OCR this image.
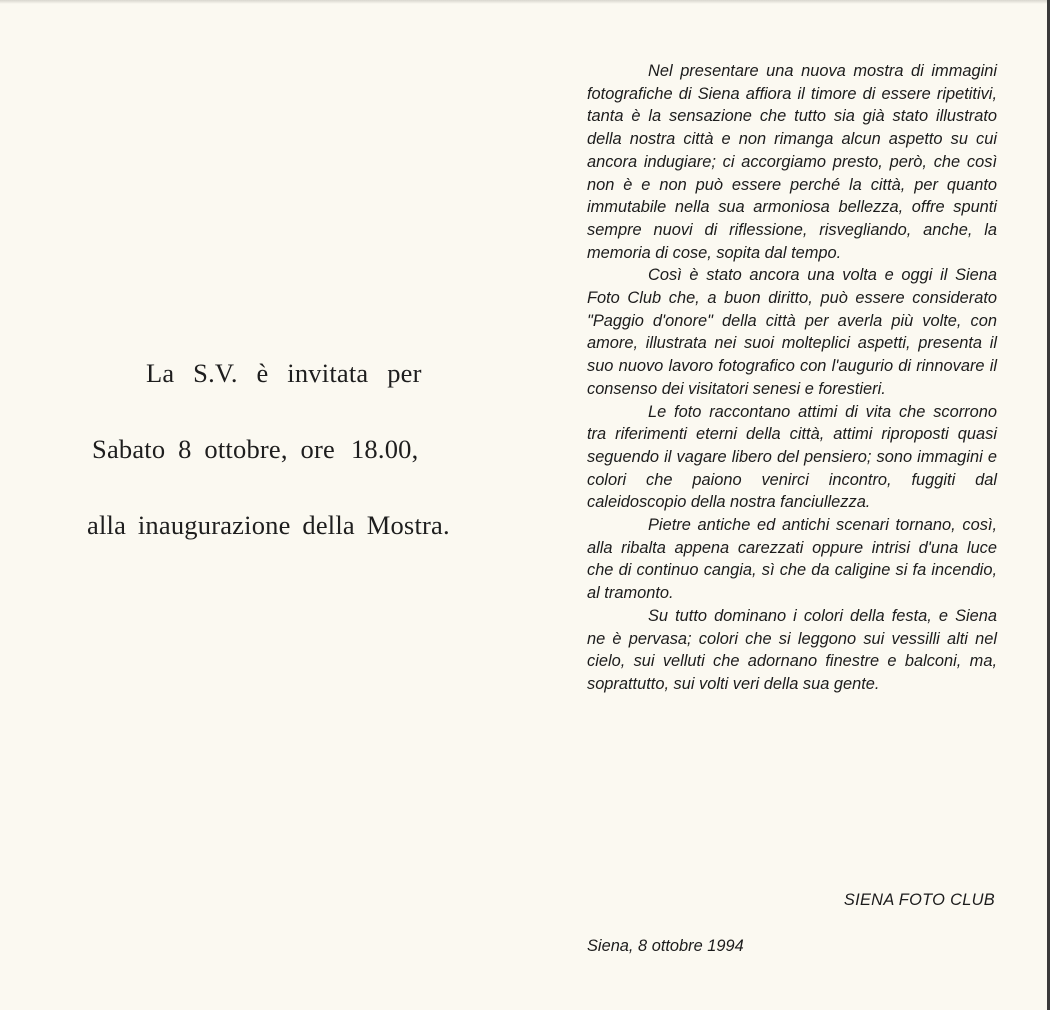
La S.V. è invitata per
Sabato 8 ottobre, ore 18.00,
alla inaugurazione della Mostra.

Nel presentare una nuova mostra di immagini fotografiche di Siena affiora il timore di essere ripetitivi, tanta è la sensazione che tutto sia già stato illustrato della nostra città e non rimanga alcun aspetto su cui ancora indugiare; ci accorgiamo presto, però, che così non è e non può essere perché la città, per quanto immutabile nella sua armoniosa bellezza, offre spunti sempre nuovi di riflessione, risvegliando, anche, la memoria di cose, sopita dal tempo.

Così è stato ancora una volta e oggi il Siena Foto Club che, a buon diritto, può essere considerato "Paggio d'onore" della città per averla più volte, con amore, illustrata nei suoi molteplici aspetti, presenta il suo nuovo lavoro fotografico con l'augurio di rinnovare il consenso dei visitatori senesi e forestieri.

Le foto raccontano attimi di vita che scorrono tra riferimenti eterni della città, attimi riproposti quasi seguendo il vagare libero del pensiero; sono immagini e colori che paiono venirci incontro, fuggiti dal caleidoscopio della nostra fanciullezza.

Pietre antiche ed antichi scenari tornano, così, alla ribalta appena carezzati oppure intrisi d'una luce che di continuo cangia, sì che da caligine si fa incendio, al tramonto.

Su tutto dominano i colori della festa, e Siena ne è pervasa; colori che si leggono sui vessilli alti nel cielo, sui velluti che adornano finestre e balconi, ma, soprattutto, sui volti veri della sua gente.

SIENA FOTO CLUB
Siena, 8 ottobre 1994
